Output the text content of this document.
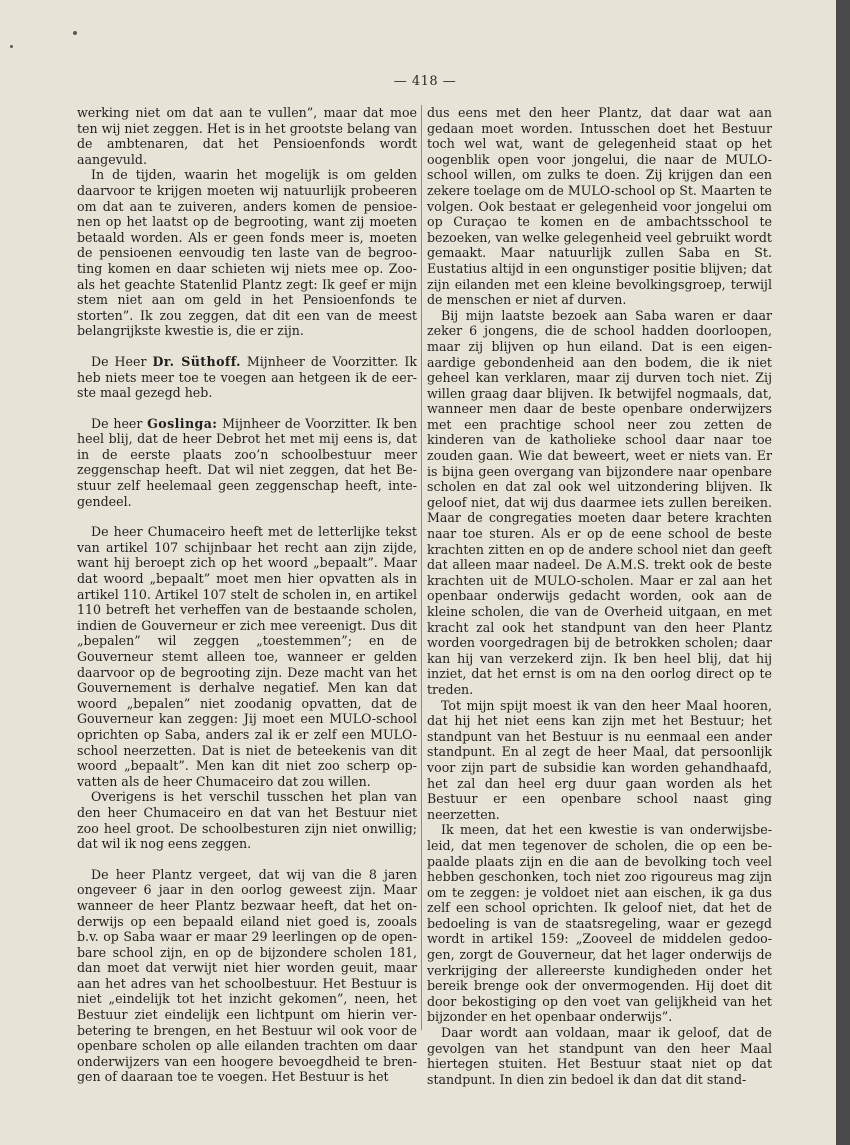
— 418 —

werking niet om dat aan te vullen”, maar dat moe ten wij niet zeggen. Het is in het grootste belang van de ambtenaren, dat het Pensioenfonds wordt aangevuld.

In de tijden, waarin het mogelijk is om gelden daarvoor te krijgen moeten wij natuurlijk probeeren om dat aan te zuiveren, anders komen de pensioenen op het laatst op de begrooting, want zij moeten betaald worden. Als er geen fonds meer is, moeten de pensioenen eenvoudig ten laste van de begrooting komen en daar schieten wij niets mee op. Zooals het geachte Statenlid Plantz zegt: Ik geef er mijn stem niet aan om geld in het Pensioenfonds te storten”. Ik zou zeggen, dat dit een van de meest belangrijkste kwestie is, die er zijn.

De Heer Dr. Süthoff. Mijnheer de Voorzitter. Ik heb niets meer toe te voegen aan hetgeen ik de eerste maal gezegd heb.

De heer Goslinga: Mijnheer de Voorzitter. Ik ben heel blij, dat de heer Debrot het met mij eens is, dat in de eerste plaats zoo’n schoolbestuur meer zeggenschap heeft. Dat wil niet zeggen, dat het Bestuur zelf heelemaal geen zeggenschap heeft, integendeel.

De heer Chumaceiro heeft met de letterlijke tekst van artikel 107 schijnbaar het recht aan zijn zijde, want hij beroept zich op het woord „bepaalt”. Maar dat woord „bepaalt” moet men hier opvatten als in artikel 110. Artikel 107 stelt de scholen in, en artikel 110 betreft het verheffen van de bestaande scholen, indien de Gouverneur er zich mee vereenigt. Dus dit „bepalen” wil zeggen „toestemmen”; en de Gouverneur stemt alleen toe, wanneer er gelden daarvoor op de begrooting zijn. Deze macht van het Gouvernement is derhalve negatief. Men kan dat woord „bepalen” niet zoodanig opvatten, dat de Gouverneur kan zeggen: Jij moet een MULO-school oprichten op Saba, anders zal ik er zelf een MULO-school neerzetten. Dat is niet de beteekenis van dit woord „bepaalt”. Men kan dit niet zoo scherp opvatten als de heer Chumaceiro dat zou willen.

Overigens is het verschil tusschen het plan van den heer Chumaceiro en dat van het Bestuur niet zoo heel groot. De schoolbesturen zijn niet onwillig; dat wil ik nog eens zeggen.

De heer Plantz vergeet, dat wij van die 8 jaren ongeveer 6 jaar in den oorlog geweest zijn. Maar wanneer de heer Plantz bezwaar heeft, dat het onderwijs op een bepaald eiland niet goed is, zooals b.v. op Saba waar er maar 29 leerlingen op de openbare school zijn, en op de bijzondere scholen 181, dan moet dat verwijt niet hier worden geuit, maar aan het adres van het schoolbestuur. Het Bestuur is niet „eindelijk tot het inzicht gekomen”, neen, het Bestuur ziet eindelijk een lichtpunt om hierin verbetering te brengen, en het Bestuur wil ook voor de openbare scholen op alle eilanden trachten om daar onderwijzers van een hoogere bevoegdheid te brengen of daaraan toe te voegen. Het Bestuur is het

dus eens met den heer Plantz, dat daar wat aan gedaan moet worden. Intusschen doet het Bestuur toch wel wat, want de gelegenheid staat op het oogenblik open voor jongelui, die naar de MULO-school willen, om zulks te doen. Zij krijgen dan een zekere toelage om de MULO-school op St. Maarten te volgen. Ook bestaat er gelegenheid voor jongelui om op Curaçao te komen en de ambachtsschool te bezoeken, van welke gelegenheid veel gebruikt wordt gemaakt. Maar natuurlijk zullen Saba en St. Eustatius altijd in een ongunstiger positie blijven; dat zijn eilanden met een kleine bevolkingsgroep, terwijl de menschen er niet af durven.

Bij mijn laatste bezoek aan Saba waren er daar zeker 6 jongens, die de school hadden doorloopen, maar zij blijven op hun eiland. Dat is een eigenaardige gebondenheid aan den bodem, die ik niet geheel kan verklaren, maar zij durven toch niet. Zij willen graag daar blijven. Ik betwijfel nogmaals, dat, wanneer men daar de beste openbare onderwijzers met een prachtige school neer zou zetten de kinderen van de katholieke school daar naar toe zouden gaan. Wie dat beweert, weet er niets van. Er is bijna geen overgang van bijzondere naar openbare scholen en dat zal ook wel uitzondering blijven. Ik geloof niet, dat wij dus daarmee iets zullen bereiken. Maar de congregaties moeten daar betere krachten naar toe sturen. Als er op de eene school de beste krachten zitten en op de andere school niet dan geeft dat alleen maar nadeel. De A.M.S. trekt ook de beste krachten uit de MULO-scholen. Maar er zal aan het openbaar onderwijs gedacht worden, ook aan de kleine scholen, die van de Overheid uitgaan, en met kracht zal ook het standpunt van den heer Plantz worden voorgedragen bij de betrokken scholen; daar kan hij van verzekerd zijn. Ik ben heel blij, dat hij inziet, dat het ernst is om na den oorlog direct op te treden.

Tot mijn spijt moest ik van den heer Maal hooren, dat hij het niet eens kan zijn met het Bestuur; het standpunt van het Bestuur is nu eenmaal een ander standpunt. En al zegt de heer Maal, dat persoonlijk voor zijn part de subsidie kan worden gehandhaafd, het zal dan heel erg duur gaan worden als het Bestuur er een openbare school naast ging neerzetten.

Ik meen, dat het een kwestie is van onderwijsbeleid, dat men tegenover de scholen, die op een bepaalde plaats zijn en die aan de bevolking toch veel hebben geschonken, toch niet zoo rigoureus mag zijn om te zeggen: je voldoet niet aan eischen, ik ga dus zelf een school oprichten. Ik geloof niet, dat het de bedoeling is van de staatsregeling, waar er gezegd wordt in artikel 159: „Zooveel de middelen gedoogen, zorgt de Gouverneur, dat het lager onderwijs de verkrijging der allereerste kundigheden onder het bereik brenge ook der onvermogenden. Hij doet dit door bekostiging op den voet van gelijkheid van het bijzonder en het openbaar onderwijs”.

Daar wordt aan voldaan, maar ik geloof, dat de gevolgen van het standpunt van den heer Maal hiertegen stuiten. Het Bestuur staat niet op dat standpunt. In dien zin bedoel ik dan dat dit stand-
